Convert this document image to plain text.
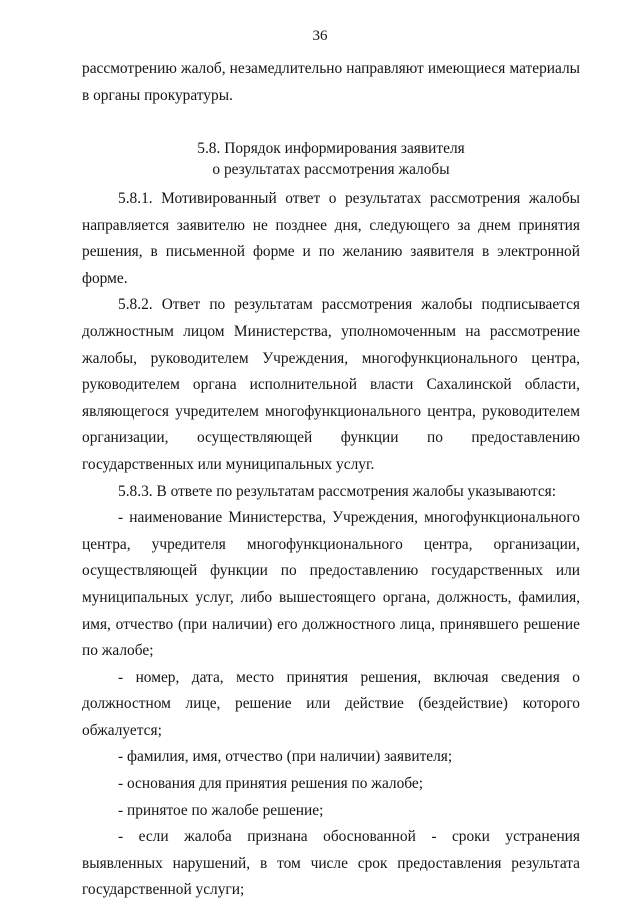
36

рассмотрению жалоб, незамедлительно направляют имеющиеся материалы в органы прокуратуры.

5.8. Порядок информирования заявителя
о результатах рассмотрения жалобы

5.8.1. Мотивированный ответ о результатах рассмотрения жалобы направляется заявителю не позднее дня, следующего за днем принятия решения, в письменной форме и по желанию заявителя в электронной форме.

5.8.2. Ответ по результатам рассмотрения жалобы подписывается должностным лицом Министерства, уполномоченным на рассмотрение жалобы, руководителем Учреждения, многофункционального центра, руководителем органа исполнительной власти Сахалинской области, являющегося учредителем многофункционального центра, руководителем организации, осуществляющей функции по предоставлению государственных или муниципальных услуг.

5.8.3. В ответе по результатам рассмотрения жалобы указываются:

- наименование Министерства, Учреждения, многофункционального центра, учредителя многофункционального центра, организации, осуществляющей функции по предоставлению государственных или муниципальных услуг, либо вышестоящего органа, должность, фамилия, имя, отчество (при наличии) его должностного лица, принявшего решение по жалобе;

- номер, дата, место принятия решения, включая сведения о должностном лице, решение или действие (бездействие) которого обжалуется;

- фамилия, имя, отчество (при наличии) заявителя;

- основания для принятия решения по жалобе;

- принятое по жалобе решение;

- если жалоба признана обоснованной - сроки устранения выявленных нарушений, в том числе срок предоставления результата государственной услуги;
